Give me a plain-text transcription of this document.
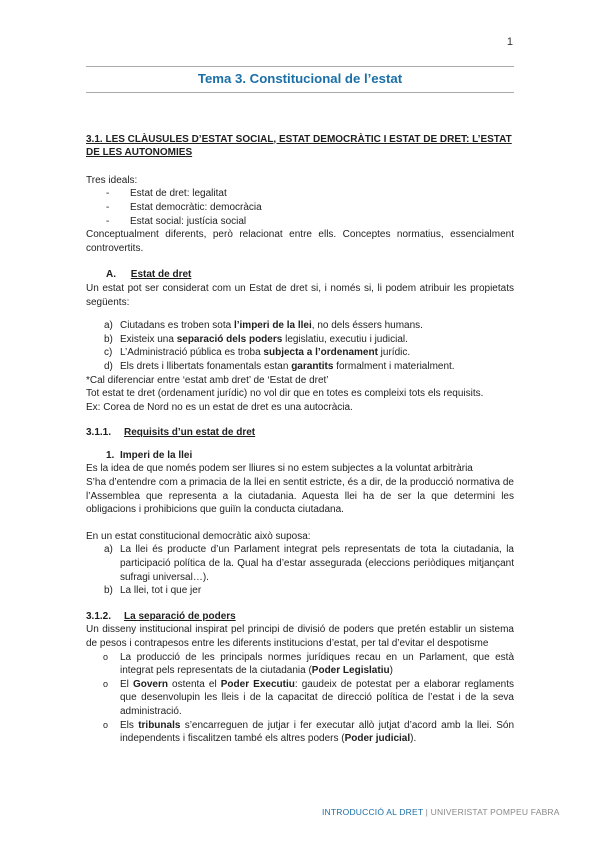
1
Tema 3. Constitucional de l’estat
3.1. LES CLÀUSULES D’ESTAT SOCIAL, ESTAT DEMOCRÀTIC I ESTAT DE DRET: L’ESTAT
DE LES AUTONOMIES

Tres ideals:

- Estat de dret: legalitat
- Estat democràtic: democràcia
- Estat social: justícia social

Conceptualment diferents, però relacionat entre ells. Conceptes normatius, essencialment controvertits.

A. Estat de dret

Un estat pot ser considerat com un Estat de dret si, i només si, li podem atribuir les propietats següents:

a) Ciutadans es troben sota l’imperi de la llei, no dels éssers humans.
b) Existeix una separació dels poders legislatiu, executiu i judicial.
c) L’Administració pública es troba subjecta a l’ordenament jurídic.
d) Els drets i llibertats fonamentals estan garantits formalment i materialment.

*Cal diferenciar entre ‘estat amb dret’ de ‘Estat de dret’

Tot estat te dret (ordenament jurídic) no vol dir que en totes es compleixi tots els requisits.

Ex: Corea de Nord no es un estat de dret es una autocràcia.

3.1.1. Requisits d’un estat de dret
1. Imperi de la llei

Es la idea de que només podem ser lliures si no estem subjectes a la voluntat arbitrària

S’ha d’entendre com a primacia de la llei en sentit estricte, és a dir, de la producció normativa de l’Assemblea que representa a la ciutadania. Aquesta llei ha de ser la que determini les obligacions i prohibicions que guiïn la conducta ciutadana.

En un estat constitucional democràtic això suposa:

a) La llei és producte d’un Parlament integrat pels representats de tota la ciutadania, la participació política de la. Qual ha d’estar assegurada (eleccions periòdiques mitjançant sufragi universal…).
b) La llei, tot i que jer
3.1.2. La separació de poders

Un disseny institucional inspirat pel principi de divisió de poders que pretén establir un sistema de pesos i contrapesos entre les diferents institucions d’estat, per tal d’evitar el despotisme

o La producció de les principals normes jurídiques recau en un Parlament, que està integrat pels representats de la ciutadania (Poder Legislatiu)
o El Govern ostenta el Poder Executiu: gaudeix de potestat per a elaborar reglaments que desenvolupin les lleis i de la capacitat de direcció política de l’estat i de la seva administració.
o Els tribunals s’encarreguen de jutjar i fer executar allò jutjat d’acord amb la llei. Són independents i fiscalitzen també els altres poders (Poder judicial).
INTRODUCCIÓ AL DRET | UNIVERISTAT POMPEU FABRA
